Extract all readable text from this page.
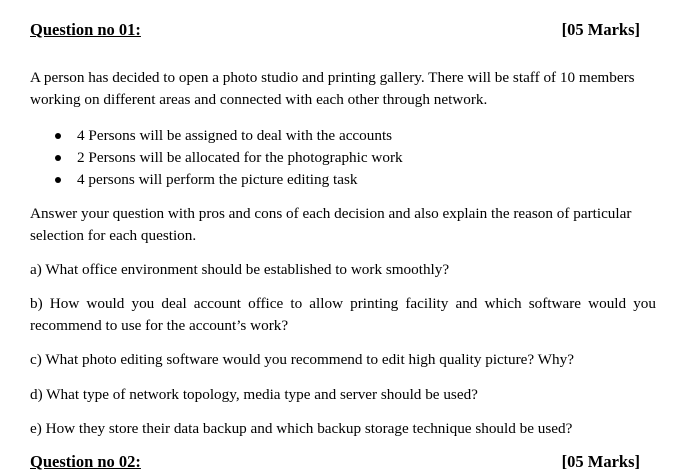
Question no 01:	[05 Marks]
A person has decided to open a photo studio and printing gallery. There will be staff of 10 members working on different areas and connected with each other through network.
4 Persons will be assigned to deal with the accounts
2 Persons will be allocated for the photographic work
4 persons will perform the picture editing task
Answer your question with pros and cons of each decision and also explain the reason of particular selection for each question.
a) What office environment should be established to work smoothly?
b) How would you deal account office to allow printing facility and which software would you recommend to use for the account’s work?
c) What photo editing software would you recommend to edit high quality picture? Why?
d) What type of network topology, media type and server should be used?
e) How they store their data backup and which backup storage technique should be used?
Question no 02:	[05 Marks]
